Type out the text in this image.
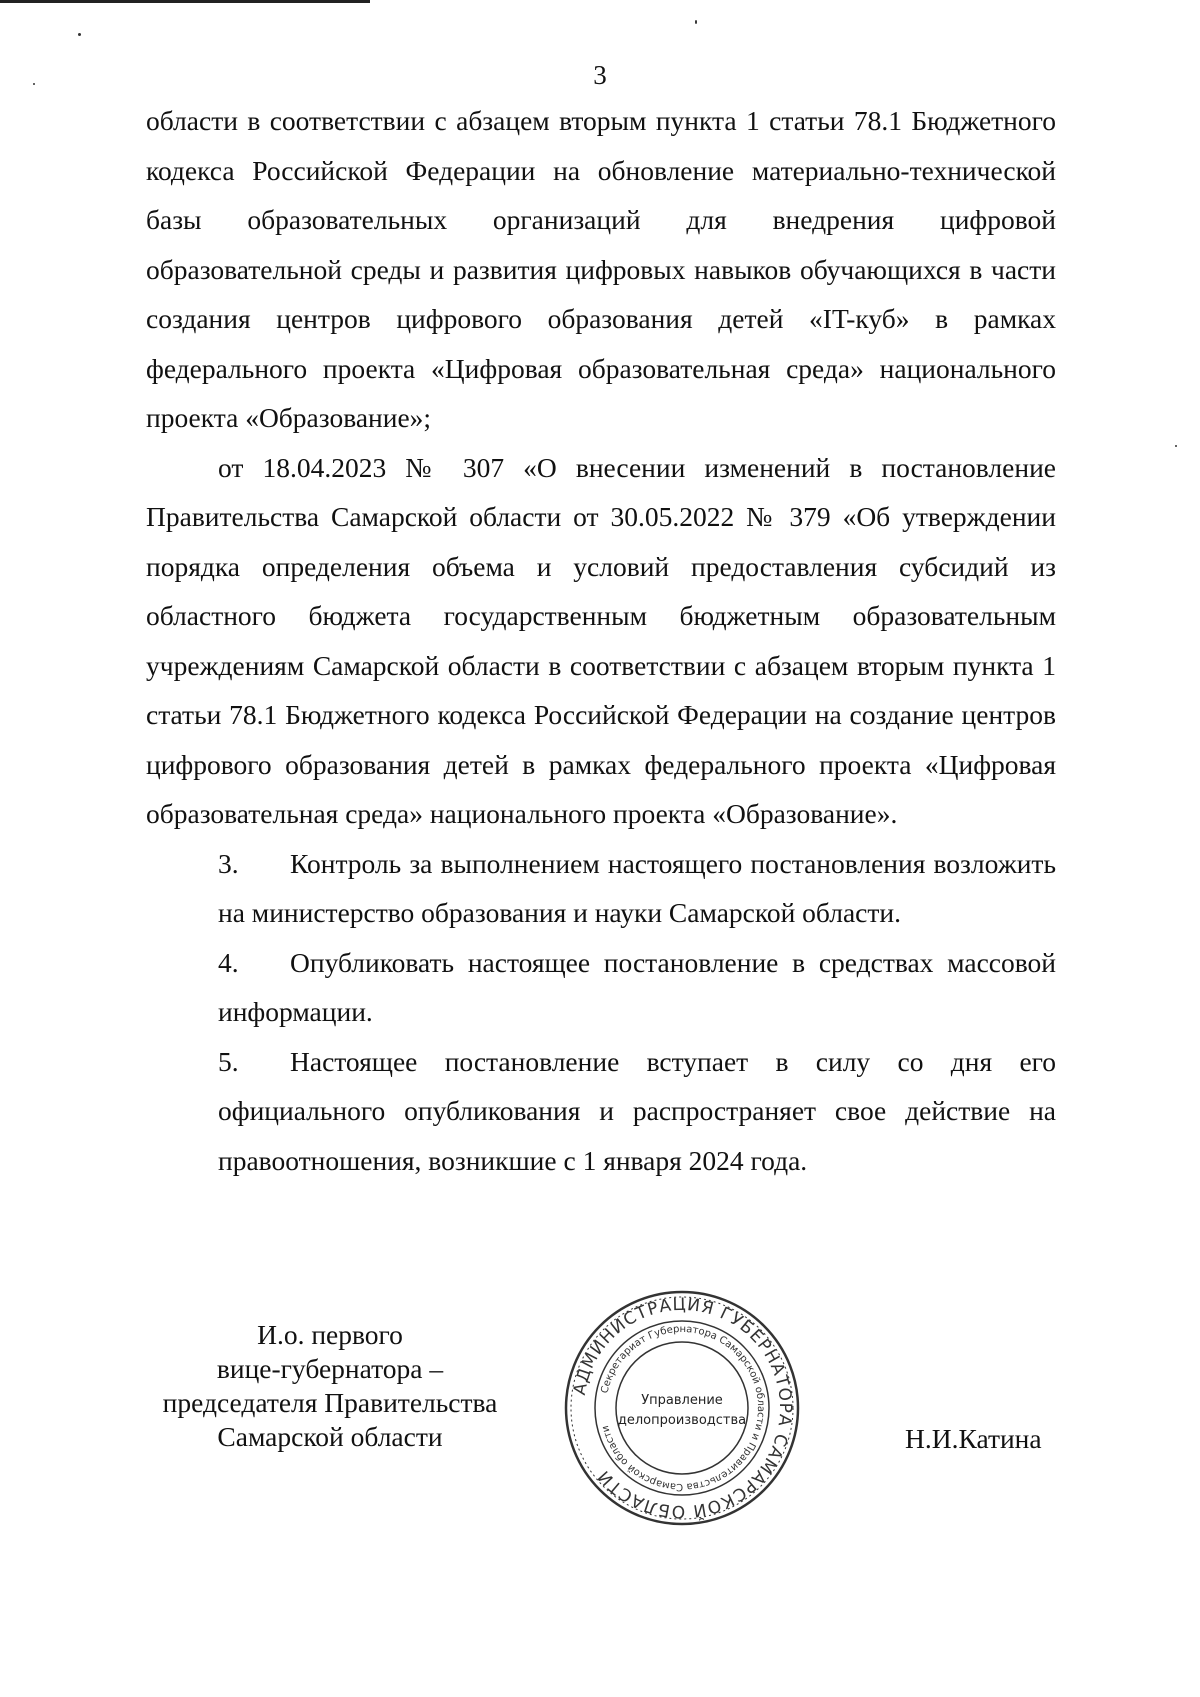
3

области в соответствии с абзацем вторым пункта 1 статьи 78.1 Бюджетного кодекса Российской Федерации на обновление материально-технической базы образовательных организаций для внедрения цифровой образовательной среды и развития цифровых навыков обучающихся в части создания центров цифрового образования детей «IT-куб» в рамках федерального проекта «Цифровая образовательная среда» национального проекта «Образование»;

от 18.04.2023 № 307 «О внесении изменений в постановление Правительства Самарской области от 30.05.2022 № 379 «Об утверждении порядка определения объема и условий предоставления субсидий из областного бюджета государственным бюджетным образовательным учреждениям Самарской области в соответствии с абзацем вторым пункта 1 статьи 78.1 Бюджетного кодекса Российской Федерации на создание центров цифрового образования детей в рамках федерального проекта «Цифровая образовательная среда» национального проекта «Образование».

3. Контроль за выполнением настоящего постановления возложить на министерство образования и науки Самарской области.

4. Опубликовать настоящее постановление в средствах массовой информации.

5. Настоящее постановление вступает в силу со дня его официального опубликования и распространяет свое действие на правоотношения, возникшие с 1 января 2024 года.

И.о. первого
вице-губернатора –
председателя Правительства
Самарской области
АДМИНИСТРАЦИЯ ГУБЕРНАТОРА САМАРСКОЙ ОБЛАСТИ
Секретариат Губернатора Самарской области и Правительства Самарской области
Управление
делопроизводства
Н.И.Катина
